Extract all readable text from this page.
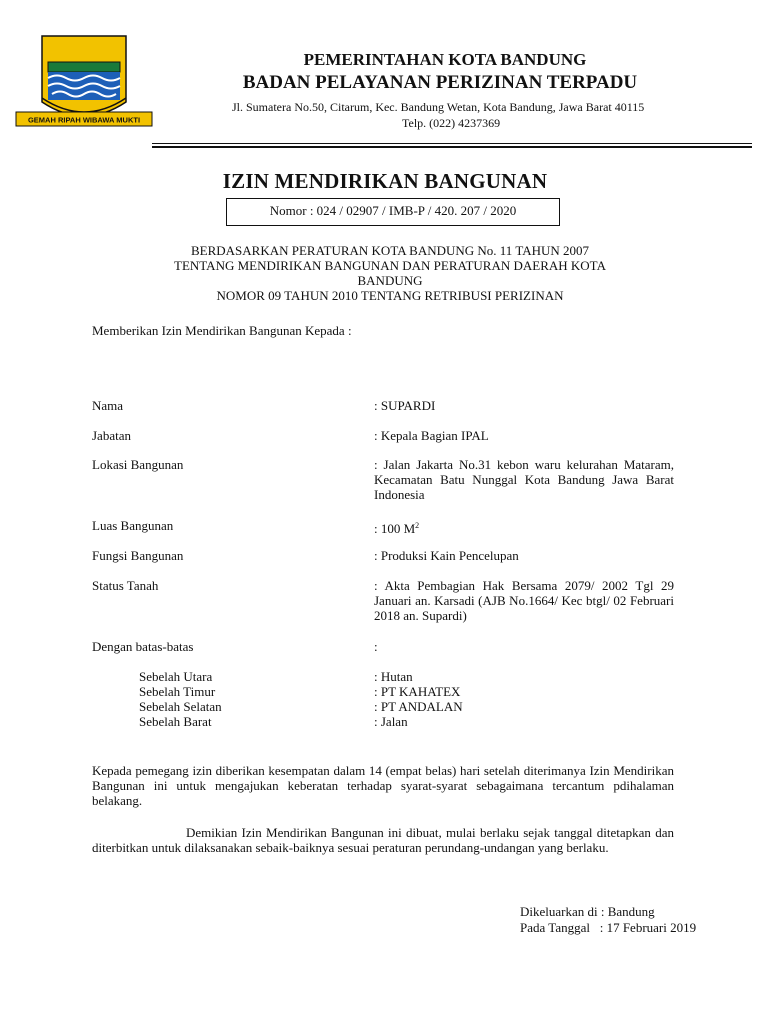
GEMAH RIPAH WIBAWA MUKTI
PEMERINTAHAN KOTA BANDUNG
BADAN PELAYANAN PERIZINAN TERPADU
Jl. Sumatera No.50, Citarum, Kec. Bandung Wetan, Kota Bandung, Jawa Barat 40115
Telp. (022) 4237369
IZIN MENDIRIKAN BANGUNAN
Nomor : 024 / 02907 / IMB-P / 420. 207 / 2020
BERDASARKAN PERATURAN KOTA BANDUNG No. 11 TAHUN 2007
TENTANG MENDIRIKAN BANGUNAN DAN PERATURAN DAERAH KOTA
BANDUNG
NOMOR 09 TAHUN 2010 TENTANG RETRIBUSI PERIZINAN
Memberikan Izin Mendirikan Bangunan Kepada :
Nama	: SUPARDI
Jabatan	: Kepala Bagian IPAL
Lokasi Bangunan	: Jalan Jakarta No.31 kebon waru kelurahan Mataram, Kecamatan Batu Nunggal Kota Bandung Jawa Barat Indonesia
Luas Bangunan	: 100 $M^2$
Fungsi Bangunan	: Produksi Kain Pencelupan
Status Tanah	: Akta Pembagian Hak Bersama 2079/ 2002 Tgl 29 Januari an. Karsadi (AJB No.1664/ Kec btgl/ 02 Februari 2018 an. Supardi)
Dengan batas-batas	:
Sebelah Utara	: Hutan
Sebelah Timur	: PT KAHATEX
Sebelah Selatan	: PT ANDALAN
Sebelah Barat	: Jalan
Kepada pemegang izin diberikan kesempatan dalam 14 (empat belas) hari setelah diterimanya Izin Mendirikan Bangunan ini untuk mengajukan keberatan terhadap syarat-syarat sebagaimana tercantum pdihalaman belakang.
Demikian Izin Mendirikan Bangunan ini dibuat, mulai berlaku sejak tanggal ditetapkan dan diterbitkan untuk dilaksanakan sebaik-baiknya sesuai peraturan perundang-undangan yang berlaku.
Dikeluarkan di : Bandung
Pada Tanggal   : 17 Februari 2019
